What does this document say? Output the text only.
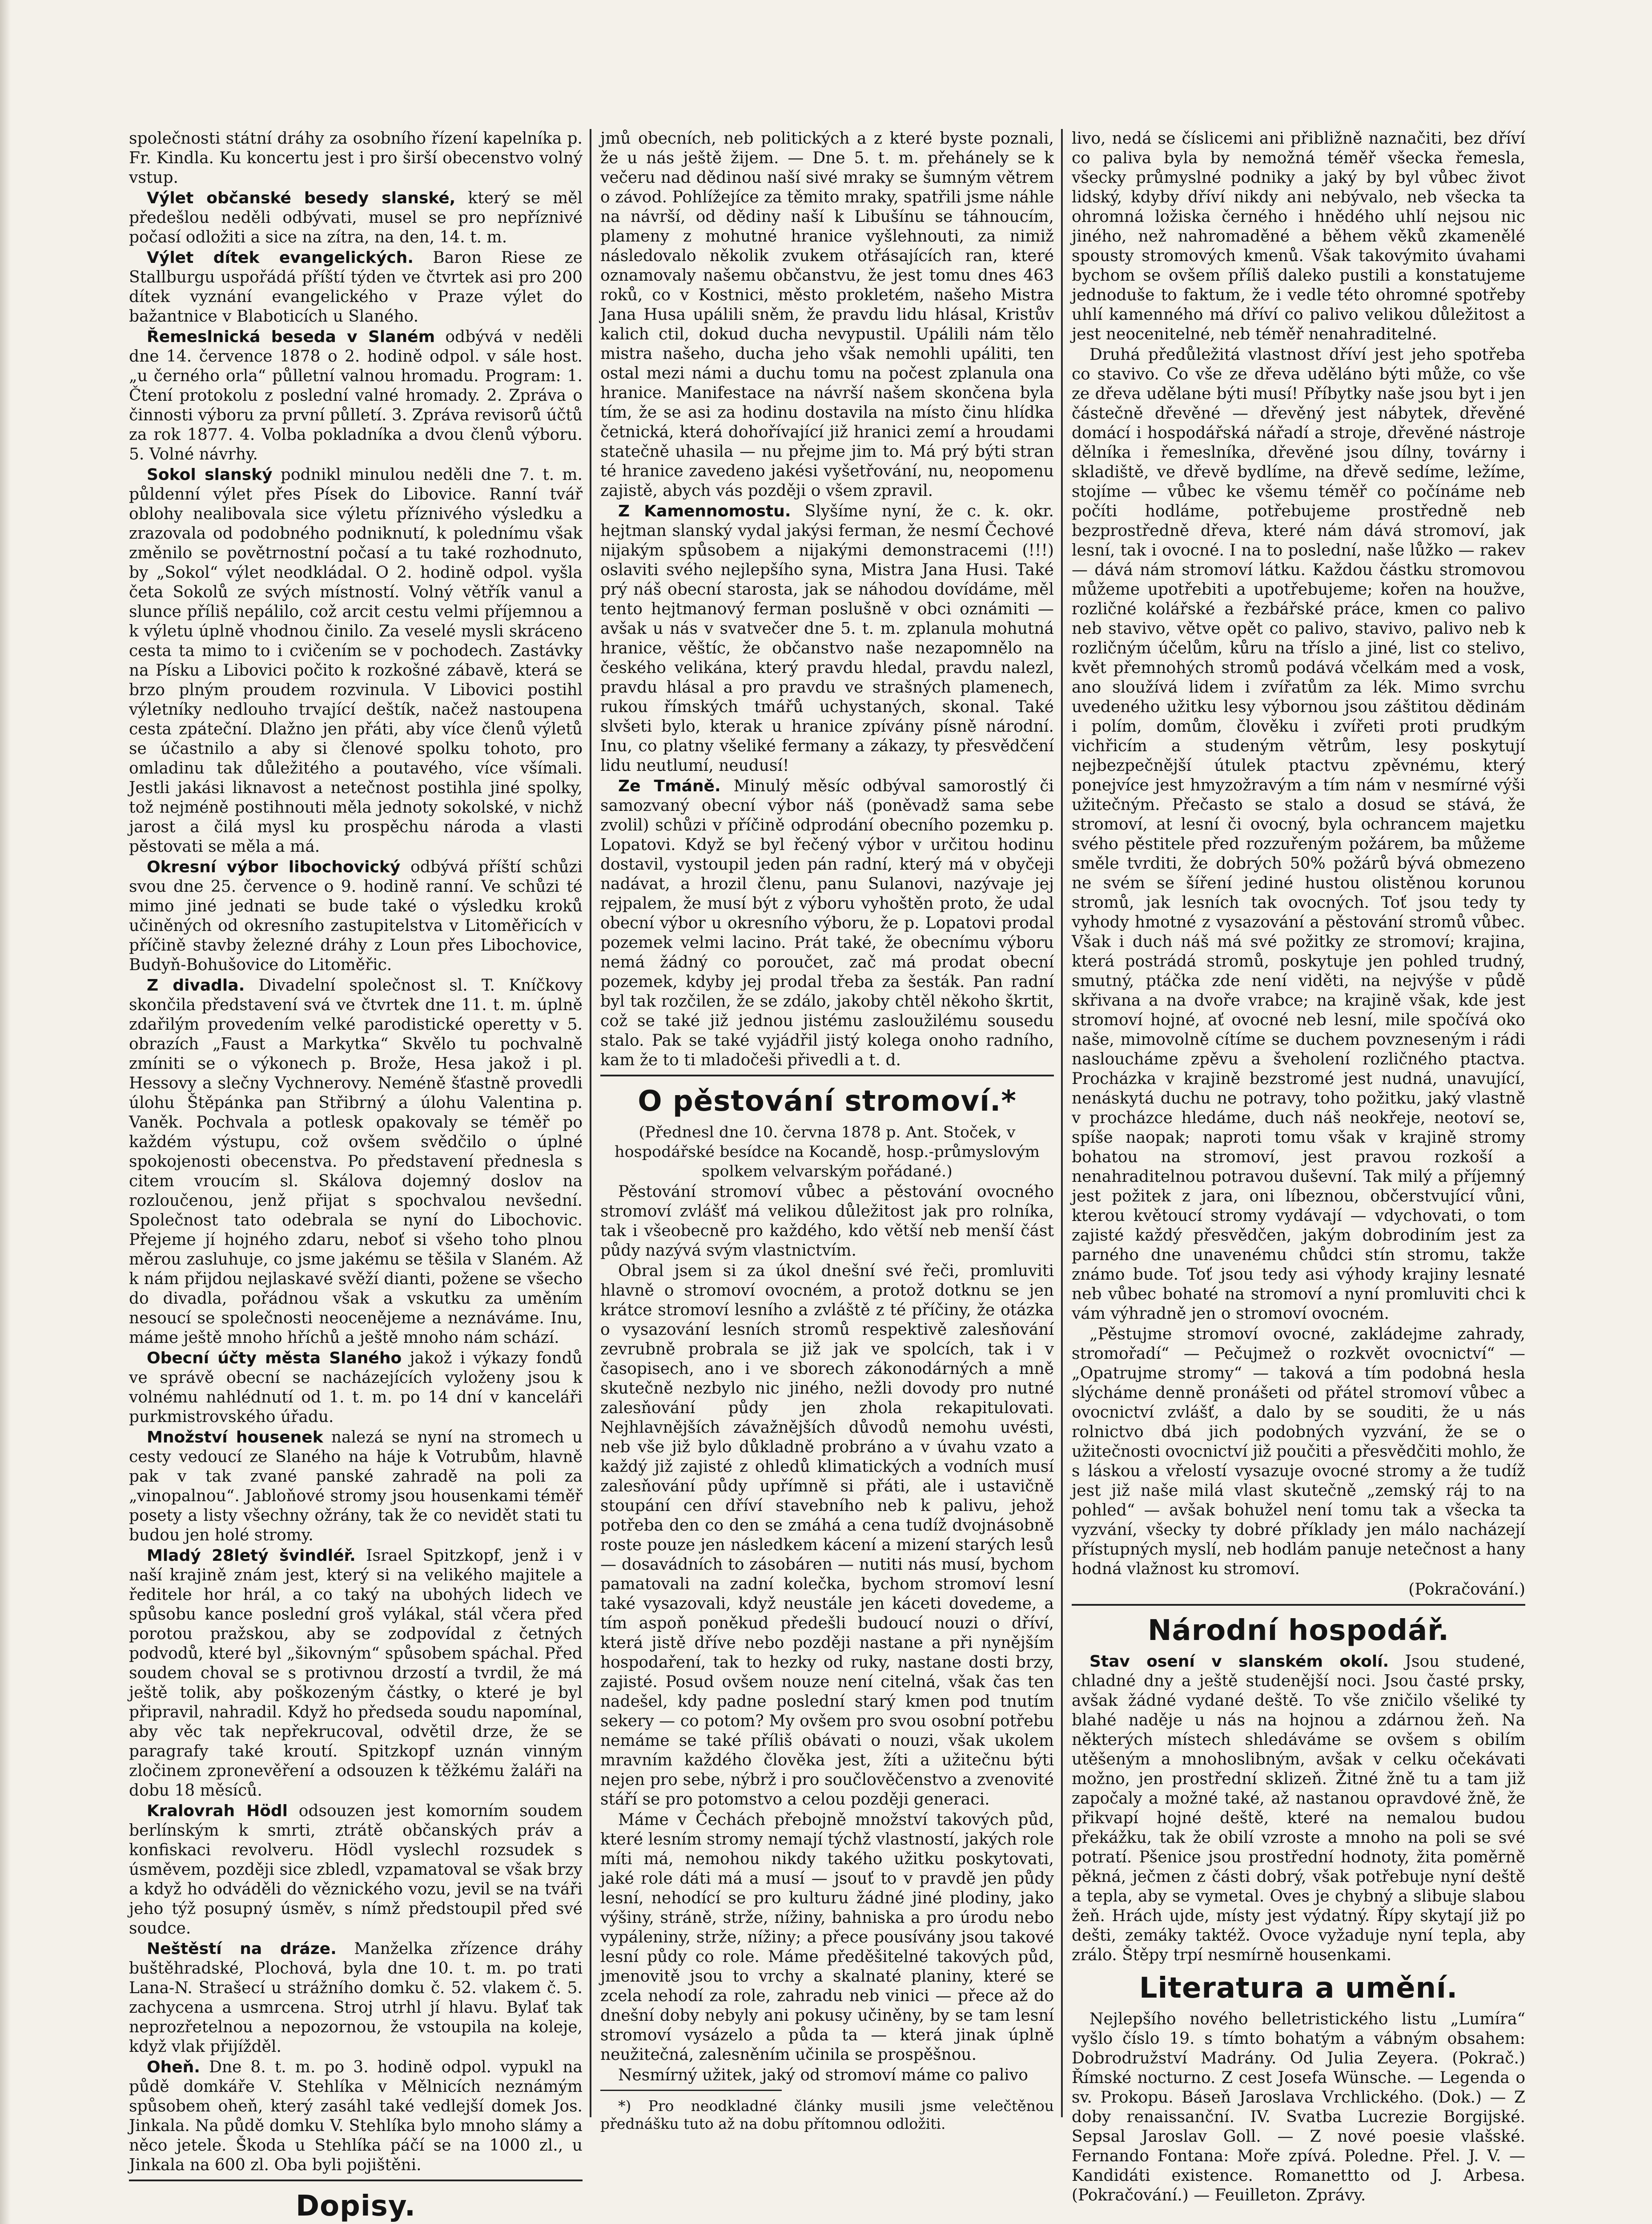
společnosti státní dráhy za osobního řízení kapelníka p. Fr. Kindla. Ku koncertu jest i pro širší obecenstvo volný vstup.

Výlet občanské besedy slanské, který se měl předešlou neděli odbývati, musel se pro nepříznivé počasí odložiti a sice na zítra, na den, 14. t. m.

Výlet dítek evangelických. Baron Riese ze Stallburgu uspořádá příští týden ve čtvrtek asi pro 200 dítek vyznání evangelického v Praze výlet do bažantnice v Blaboticích u Slaného.

Řemeslnická beseda v Slaném odbývá v neděli dne 14. července 1878 o 2. hodině odpol. v sále host. „u černého orla“ půlletní valnou hromadu. Program: 1. Čtení protokolu z poslední valné hromady. 2. Zpráva o činnosti výboru za první půlletí. 3. Zpráva revisorů účtů za rok 1877. 4. Volba pokladníka a dvou členů výboru. 5. Volné návrhy.

Sokol slanský podnikl minulou neděli dne 7. t. m. půldenní výlet přes Písek do Libovice. Ranní tvář oblohy nealibovala sice výletu příznivého výsledku a zrazovala od podobného podniknutí, k polednímu však změnilo se povětrnostní počasí a tu také rozhodnuto, by „Sokol“ výlet neodkládal. O 2. hodině odpol. vyšla četa Sokolů ze svých místností. Volný větřík vanul a slunce příliš nepálilo, což arcit cestu velmi příjemnou a k výletu úplně vhodnou činilo. Za veselé mysli skráceno cesta ta mimo to i cvičením se v pochodech. Zastávky na Písku a Libovici počito k rozkošné zábavě, která se brzo plným proudem rozvinula. V Libovici postihl výletníky nedlouho trvající deštík, načež nastoupena cesta zpáteční. Dlažno jen přáti, aby více členů výletů se účastnilo a aby si členové spolku tohoto, pro omladinu tak důležitého a poutavého, více všímali. Jestli jakási liknavost a netečnost postihla jiné spolky, tož nejméně postihnouti měla jednoty sokolské, v nichž jarost a čilá mysl ku prospěchu národa a vlasti pěstovati se měla a má.

Okresní výbor libochovický odbývá příští schůzi svou dne 25. července o 9. hodině ranní. Ve schůzi té mimo jiné jednati se bude také o výsledku kroků učiněných od okresního zastupitelstva v Litoměřicích v příčině stavby železné dráhy z Loun přes Libochovice, Budyň-Bohušovice do Litoměřic.

Z divadla. Divadelní společnost sl. T. Kníčkovy skončila představení svá ve čtvrtek dne 11. t. m. úplně zdařilým provedením velké parodistické operetty v 5. obrazích „Faust a Markytka“ Skvělo tu pochvalně zmíniti se o výkonech p. Brože, Hesa jakož i pl. Hessovy a slečny Vychnerovy. Neméně šťastně provedli úlohu Štěpánka pan Střibrný a úlohu Valentina p. Vaněk. Pochvala a potlesk opakovaly se téměř po každém výstupu, což ovšem svědčilo o úplné spokojenosti obecenstva. Po představení přednesla s citem vroucím sl. Skálova dojemný doslov na rozloučenou, jenž přijat s spochvalou nevšední. Společnost tato odebrala se nyní do Libochovic. Přejeme jí hojného zdaru, neboť si všeho toho plnou měrou zasluhuje, co jsme jakému se těšila v Slaném. Až k nám přijdou nejlaskavé svěží dianti, požene se všecho do divadla, pořádnou však a vskutku za uměním nesoucí se společnosti neocenějeme a neznáváme. Inu, máme ještě mnoho hříchů a ještě mnoho nám schází.

Obecní účty města Slaného jakož i výkazy fondů ve správě obecní se nacházejících vyloženy jsou k volnému nahlédnutí od 1. t. m. po 14 dní v kanceláři purkmistrovského úřadu.

Množství housenek nalezá se nyní na stromech u cesty vedoucí ze Slaného na háje k Votrubům, hlavně pak v tak zvané panské zahradě na poli za „vinopalnou“. Jabloňové stromy jsou housenkami téměř posety a listy všechny ožrány, tak že co nevidět stati tu budou jen holé stromy.

Mladý 28letý švindléř. Israel Spitzkopf, jenž i v naší krajině znám jest, který si na velikého majitele a ředitele hor hrál, a co taký na ubohých lidech ve spůsobu kance poslední groš vylákal, stál včera před porotou pražskou, aby se zodpovídal z četných podvodů, které byl „šikovným“ spůsobem spáchal. Před soudem choval se s protivnou drzostí a tvrdil, že má ještě tolik, aby poškozeným částky, o které je byl připravil, nahradil. Když ho předseda soudu napomínal, aby věc tak nepřekrucoval, odvětil drze, že se paragrafy také kroutí. Spitzkopf uznán vinným zločinem zpronevěření a odsouzen k těžkému žaláři na dobu 18 měsíců.

Kralovrah Hödl odsouzen jest komorním soudem berlínským k smrti, ztrátě občanských práv a konfiskaci revolveru. Hödl vyslechl rozsudek s úsměvem, později sice zbledl, vzpamatoval se však brzy a když ho odváděli do věznického vozu, jevil se na tváři jeho týž posupný úsměv, s nímž předstoupil před své soudce.

Neštěstí na dráze. Manželka zřízence dráhy buštěhradské, Plochová, byla dne 10. t. m. po trati Lana-N. Strašecí u strážního domku č. 52. vlakem č. 5. zachycena a usmrcena. Stroj utrhl jí hlavu. Bylať tak neprozřetelnou a nepozornou, že vstoupila na koleje, když vlak přijížděl.

Oheň. Dne 8. t. m. po 3. hodině odpol. vypukl na půdě domkáře V. Stehlíka v Mělnicích neznámým spůsobem oheň, který zasáhl také vedlejší domek Jos. Jinkala. Na půdě domku V. Stehlíka bylo mnoho slámy a něco jetele. Škoda u Stehlíka páčí se na 1000 zl., u Jinkala na 600 zl. Oba byli pojištěni.

Dopisy.

jmů obecních, neb politických a z které byste poznali, že u nás ještě žijem. — Dne 5. t. m. přehánely se k večeru nad dědinou naší sivé mraky se šumným větrem o závod. Pohlížejíce za těmito mraky, spatřili jsme náhle na návrší, od dědiny naší k Libušínu se táhnoucím, plameny z mohutné hranice vyšlehnouti, za nimiž následovalo několik zvukem otřásajících ran, které oznamovaly našemu občanstvu, že jest tomu dnes 463 roků, co v Kostnici, město prokletém, našeho Mistra Jana Husa upálili sněm, že pravdu lidu hlásal, Kristův kalich ctil, dokud ducha nevypustil. Upálili nám tělo mistra našeho, ducha jeho však nemohli upáliti, ten ostal mezi námi a duchu tomu na počest zplanula ona hranice. Manifestace na návrší našem skončena byla tím, že se asi za hodinu dostavila na místo činu hlídka četnická, která dohořívající již hranici zemí a hroudami statečně uhasila — nu přejme jim to. Má prý býti stran té hranice zavedeno jakési vyšetřování, nu, neopomenu zajistě, abych vás později o všem zpravil.

Z Kamennomostu. Slyšíme nyní, že c. k. okr. hejtman slanský vydal jakýsi ferman, že nesmí Čechové nijakým spůsobem a nijakými demonstracemi (!!!) oslaviti svého nejlepšího syna, Mistra Jana Husi. Také prý náš obecní starosta, jak se náhodou dovídáme, měl tento hejtmanový ferman poslušně v obci oznámiti — avšak u nás v svatvečer dne 5. t. m. zplanula mohutná hranice, věštíc, že občanstvo naše nezapomnělo na českého velikána, který pravdu hledal, pravdu nalezl, pravdu hlásal a pro pravdu ve strašných plamenech, rukou římských tmářů uchystaných, skonal. Také slvšeti bylo, kterak u hranice zpívány písně národní. Inu, co platny všeliké fermany a zákazy, ty přesvědčení lidu neutlumí, neudusí!

Ze Tmáně. Minulý měsíc odbýval samorostlý či samozvaný obecní výbor náš (poněvadž sama sebe zvolil) schůzi v příčině odprodání obecního pozemku p. Lopatovi. Když se byl řečený výbor v určitou hodinu dostavil, vystoupil jeden pán radní, který má v obyčeji nadávat, a hrozil členu, panu Sulanovi, nazývaje jej rejpalem, že musí být z výboru vyhoštěn proto, že udal obecní výbor u okresního výboru, že p. Lopatovi prodal pozemek velmi lacino. Prát také, že obecnímu výboru nemá žádný co poroučet, zač má prodat obecní pozemek, kdyby jej prodal třeba za šesták. Pan radní byl tak rozčilen, že se zdálo, jakoby chtěl někoho škrtit, což se také již jednou jistému zasloužilému sousedu stalo. Pak se také vyjádřil jistý kolega onoho radního, kam že to ti mladočeši přivedli a t. d.

O pěstování stromoví.*

(Přednesl dne 10. června 1878 p. Ant. Stoček, v hospodářské besídce na Kocandě, hosp.-průmyslovým spolkem velvarským pořádané.)

Pěstování stromoví vůbec a pěstování ovocného stromoví zvlášť má velikou důležitost jak pro rolníka, tak i všeobecně pro každého, kdo větší neb menší část půdy nazývá svým vlastnictvím.

Obral jsem si za úkol dnešní své řeči, promluviti hlavně o stromoví ovocném, a protož dotknu se jen krátce stromoví lesního a zvláště z té příčiny, že otázka o vysazování lesních stromů respektivě zalesňování zevrubně probrala se již jak ve spolcích, tak i v časopisech, ano i ve sborech zákonodárných a mně skutečně nezbylo nic jiného, nežli dovody pro nutné zalesňování půdy jen zhola rekapitulovati. Nejhlavnějších závažnějších důvodů nemohu uvésti, neb vše již bylo důkladně probráno a v úvahu vzato a každý již zajisté z ohledů klimatických a vodních musí zalesňování půdy upřímně si přáti, ale i ustavičně stoupání cen dříví stavebního neb k palivu, jehož potřeba den co den se zmáhá a cena tudíž dvojnásobně roste pouze jen následkem kácení a mizení starých lesů — dosavádních to zásobáren — nutiti nás musí, bychom pamatovali na zadní kolečka, bychom stromoví lesní také vysazovali, když neustále jen káceti dovedeme, a tím aspoň poněkud předešli budoucí nouzi o dříví, která jistě dříve nebo později nastane a při nynějším hospodaření, tak to hezky od ruky, nastane dosti brzy, zajisté. Posud ovšem nouze není citelná, však čas ten nadešel, kdy padne poslední starý kmen pod tnutím sekery — co potom? My ovšem pro svou osobní potřebu nemáme se také příliš obávati o nouzi, však ukolem mravním každého člověka jest, žíti a užitečnu býti nejen pro sebe, nýbrž i pro součlověčenstvo a zvenovité stáří se pro potomstvo a celou později generaci.

Máme v Čechách přebojně množství takových půd, které lesním stromy nemají týchž vlastností, jakých role míti má, nemohou nikdy takého užitku poskytovati, jaké role dáti má a musí — jsouť to v pravdě jen půdy lesní, nehodící se pro kulturu žádné jiné plodiny, jako výšiny, stráně, strže, nížiny, bahniska a pro úrodu nebo vypáleniny, strže, nížiny; a přece pousívány jsou takové lesní půdy co role. Máme předěšitelné takových půd, jmenovitě jsou to vrchy a skalnaté planiny, které se zcela nehodí za role, zahradu neb vinici — přece až do dnešní doby nebyly ani pokusy učiněny, by se tam lesní stromoví vysázelo a půda ta — která jinak úplně neužitečná, zalesněním učinila se prospěšnou.

Nesmírný užitek, jaký od stromoví máme co palivo

*) Pro neodkladné články musili jsme velečtěnou přednášku tuto až na dobu přítomnou odložiti.

livo, nedá se číslicemi ani přibližně naznačiti, bez dříví co paliva byla by nemožná téměř všecka řemesla, všecky průmyslné podniky a jaký by byl vůbec život lidský, kdyby dříví nikdy ani nebývalo, neb všecka ta ohromná ložiska černého i hnědého uhlí nejsou nic jiného, než nahromaděné a během věků zkamenělé spousty stromových kmenů. Však takovýmito úvahami bychom se ovšem příliš daleko pustili a konstatujeme jednoduše to faktum, že i vedle této ohromné spotřeby uhlí kamenného má dříví co palivo velikou důležitost a jest neocenitelné, neb téměř nenahraditelné.

Druhá předůležitá vlastnost dříví jest jeho spotřeba co stavivo. Co vše ze dřeva uděláno býti může, co vše ze dřeva udělane býti musí! Příbytky naše jsou byt i jen částečně dřevěné — dřevěný jest nábytek, dřevěné domácí i hospodářská nářadí a stroje, dřevěné nástroje dělníka i řemeslníka, dřevěné jsou dílny, továrny i skladiště, ve dřevě bydlíme, na dřevě sedíme, ležíme, stojíme — vůbec ke všemu téměř co počínáme neb počíti hodláme, potřebujeme prostředně neb bezprostředně dřeva, které nám dává stromoví, jak lesní, tak i ovocné. I na to poslední, naše lůžko — rakev — dává nám stromoví látku. Každou částku stromovou můžeme upotřebiti a upotřebujeme; kořen na houžve, rozličné kolářské a řezbářské práce, kmen co palivo neb stavivo, větve opět co palivo, stavivo, palivo neb k rozličným účelům, kůru na tříslo a jiné, list co stelivo, květ přemnohých stromů podává včelkám med a vosk, ano sloužívá lidem i zvířatům za lék. Mimo svrchu uvedeného užitku lesy výbornou jsou záštitou dědinám i polím, domům, člověku i zvířeti proti prudkým vichřicím a studeným větrům, lesy poskytují nejbezpečnější útulek ptactvu zpěvnému, který ponejvíce jest hmyzožravým a tím nám v nesmírné výši užitečným. Přečasto se stalo a dosud se stává, že stromoví, at lesní či ovocný, byla ochrancem majetku svého pěstitele před rozzuřeným požárem, ba můžeme směle tvrditi, že dobrých 50% požárů bývá obmezeno ne svém se šíření jediné hustou olistěnou korunou stromů, jak lesních tak ovocných. Toť jsou tedy ty vyhody hmotné z vysazování a pěstování stromů vůbec. Však i duch náš má své požitky ze stromoví; krajina, která postrádá stromů, poskytuje jen pohled trudný, smutný, ptáčka zde není viděti, na nejvýše v půdě skřivana a na dvoře vrabce; na krajině však, kde jest stromoví hojné, ať ovocné neb lesní, mile spočívá oko naše, mimovolně cítíme se duchem povzneseným i rádi nasloucháme zpěvu a šveholení rozličného ptactva. Procházka v krajině bezstromé jest nudná, unavující, nenáskytá duchu ne potravy, toho požitku, jaký vlastně v procházce hledáme, duch náš neokřeje, neotoví se, spíše naopak; naproti tomu však v krajině stromy bohatou na stromoví, jest pravou rozkoší a nenahraditelnou potravou duševní. Tak milý a příjemný jest požitek z jara, oni líbeznou, občerstvující vůni, kterou květoucí stromy vydávají — vdychovati, o tom zajisté každý přesvědčen, jakým dobrodiním jest za parného dne unavenému chůdci stín stromu, takže známo bude. Toť jsou tedy asi výhody krajiny lesnaté neb vůbec bohaté na stromoví a nyní promluviti chci k vám výhradně jen o stromoví ovocném.

„Pěstujme stromoví ovocné, zakládejme zahrady, stromořadí“ — Pečujmež o rozkvět ovocnictví“ — „Opatrujme stromy“ — taková a tím podobná hesla slýcháme denně pronášeti od přátel stromoví vůbec a ovocnictví zvlášť, a dalo by se souditi, že u nás rolnictvo dbá jich podobných vyzvání, že se o užitečnosti ovocnictví již poučiti a přesvědčiti mohlo, že s láskou a vřelostí vysazuje ovocné stromy a že tudíž jest již naše milá vlast skutečně „zemský ráj to na pohled“ — avšak bohužel není tomu tak a všecka ta vyzvání, všecky ty dobré příklady jen málo nacházejí přístupných myslí, neb hodlám panuje netečnost a hany hodná vlažnost ku stromoví.

(Pokračování.)

Národní hospodář.

Stav osení v slanském okolí. Jsou studené, chladné dny a ještě studenější noci. Jsou časté prsky, avšak žádné vydané deště. To vše zničilo všeliké ty blahé naděje u nás na hojnou a zdárnou žeň. Na některých místech shledáváme se ovšem s obilím utěšeným a mnohoslibným, avšak v celku očekávati možno, jen prostřední sklizeň. Žitné žně tu a tam již započaly a možné také, až nastanou opravdové žně, že přikvapí hojné deště, které na nemalou budou překážku, tak že obilí vzroste a mnoho na poli se své potratí. Pšenice jsou prostřední hodnoty, žita poměrně pěkná, ječmen z části dobrý, však potřebuje nyní deště a tepla, aby se vymetal. Oves je chybný a slibuje slabou žeň. Hrách ujde, místy jest výdatný. Řípy skytají již po dešti, zemáky taktéž. Ovoce vyžaduje nyní tepla, aby zrálo. Štěpy trpí nesmírně housenkami.

Literatura a umění.

Nejlepšího nového belletristického listu „Lumíra“ vyšlo číslo 19. s tímto bohatým a vábným obsahem: Dobrodružství Madrány. Od Julia Zeyera. (Pokrač.) Římské nocturno. Z cest Josefa Wünsche. — Legenda o sv. Prokopu. Báseň Jaroslava Vrchlického. (Dok.) — Z doby renaissanční. IV. Svatba Lucrezie Borgijské. Sepsal Jaroslav Goll. — Z nové poesie vlašské. Fernando Fontana: Moře zpívá. Poledne. Přel. J. V. — Kandidáti existence. Romanettto od J. Arbesa. (Pokračování.) — Feuilleton. Zprávy.
